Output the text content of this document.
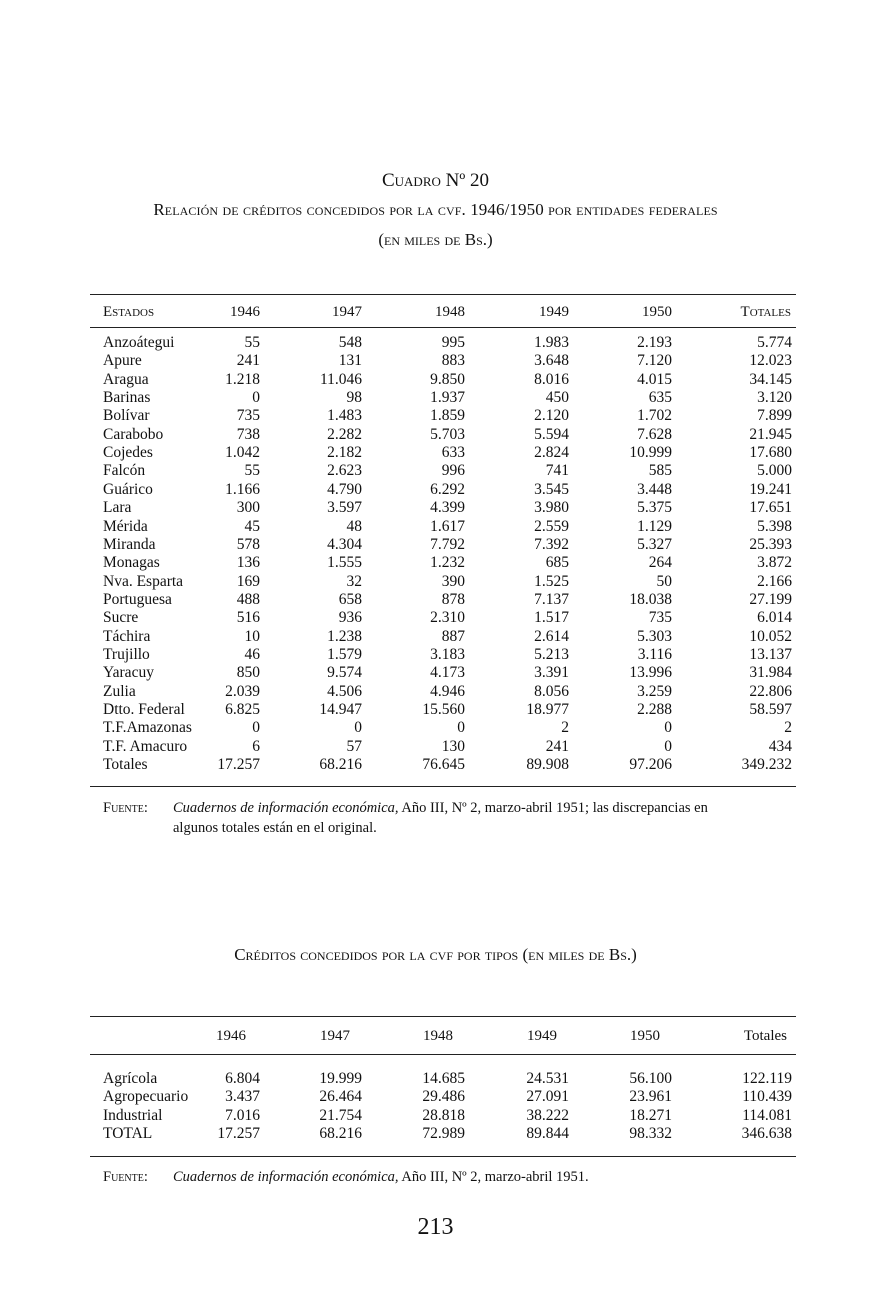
Cuadro Nº 20
Relación de créditos concedidos por la cvf. 1946/1950 por entidades federales
(en miles de Bs.)
Estados	1946	1947	1948	1949	1950	Totales
Anzoátegui	55	548	995	1.983	2.193	5.774
Apure	241	131	883	3.648	7.120	12.023
Aragua	1.218	11.046	9.850	8.016	4.015	34.145
Barinas	0	98	1.937	450	635	3.120
Bolívar	735	1.483	1.859	2.120	1.702	7.899
Carabobo	738	2.282	5.703	5.594	7.628	21.945
Cojedes	1.042	2.182	633	2.824	10.999	17.680
Falcón	55	2.623	996	741	585	5.000
Guárico	1.166	4.790	6.292	3.545	3.448	19.241
Lara	300	3.597	4.399	3.980	5.375	17.651
Mérida	45	48	1.617	2.559	1.129	5.398
Miranda	578	4.304	7.792	7.392	5.327	25.393
Monagas	136	1.555	1.232	685	264	3.872
Nva. Esparta	169	32	390	1.525	50	2.166
Portuguesa	488	658	878	7.137	18.038	27.199
Sucre	516	936	2.310	1.517	735	6.014
Táchira	10	1.238	887	2.614	5.303	10.052
Trujillo	46	1.579	3.183	5.213	3.116	13.137
Yaracuy	850	9.574	4.173	3.391	13.996	31.984
Zulia	2.039	4.506	4.946	8.056	3.259	22.806
Dtto. Federal	6.825	14.947	15.560	18.977	2.288	58.597
T.F.Amazonas	0	0	0	2	0	2
T.F. Amacuro	6	57	130	241	0	434
Totales	17.257	68.216	76.645	89.908	97.206	349.232
Fuente: Cuadernos de información económica, Año III, Nº 2, marzo-abril 1951; las discrepancias en
algunos totales están en el original.
Créditos concedidos por la cvf por tipos (en miles de Bs.)
1946	1947	1948	1949	1950	Totales
Agrícola	6.804	19.999	14.685	24.531	56.100	122.119
Agropecuario 3.437	26.464	29.486	27.091	23.961	110.439
Industrial	7.016	21.754	28.818	38.222	18.271	114.081
TOTAL	17.257	68.216	72.989	89.844	98.332	346.638
Fuente: Cuadernos de información económica, Año III, Nº 2, marzo-abril 1951.
213
